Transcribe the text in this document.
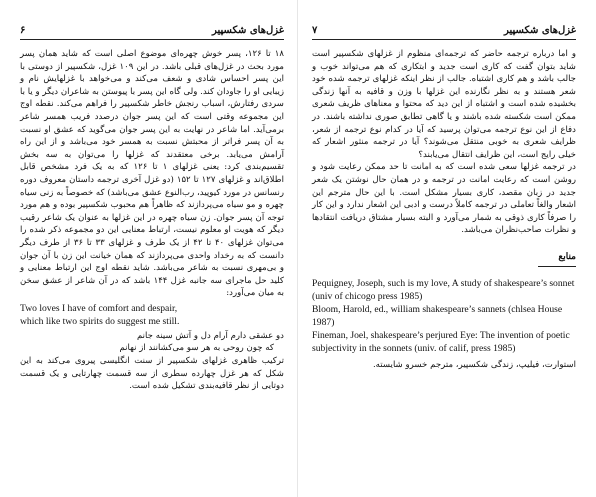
۶	غزل‌های شکسپیر

۱۸ تا ۱۲۶، پسر خوش چهره‌ای موضوع اصلی است که شاید همان پسر مورد بحث در غزل‌های قبلی باشد. در این ۱۰۹ غزل، شکسپیر از دوستی با این پسر احساس شادی و شعف می‌کند و می‌خواهد با غزلهایش نام و زیبایی او را جاودان کند. ولی گاه این پسر با پیوستن به شاعران دیگر و یا با سردی رفتارش، اسباب رنجش خاطر شکسپیر را فراهم می‌کند. نقطه اوج این مجموعه وقتی است که این پسر جوان درصدد فریب همسر شاعر برمی‌آید. اما شاعر در نهایت به این پسر جوان می‌گوید که عشق او نسبت به آن پسر فراتر از محبتش نسبت به همسر خود می‌باشد و از این راه آرامش می‌یابد. برخی معتقدند که غزلها را می‌توان به سه بخش تقسیم‌بندی کرد: یعنی غزلهای ۱ تا ۱۲۶ که به یک فرد مشخص قابل اطلاق‌اند و غزلهای ۱۲۷ تا ۱۵۲ (دو غزل آخری ترجمه داستان معروف دوره رنسانس در مورد کیوپید، رب‌النوع عشق می‌باشد) که خصوصاً به زنی سیاه چهره و مو سیاه می‌پردازند که ظاهراً هم محبوب شکسپیر بوده و هم مورد توجه آن پسر جوان. زن سیاه چهره در این غزلها به عنوان یک شاعر رقیب دیگر که هویت او معلوم نیست، ارتباط معنایی این دو مجموعه ذکر شده را می‌توان غزلهای ۴۰ تا ۴۲ از یک طرف و غزلهای ۳۳ تا ۳۶ از طرف دیگر دانست که به رخداد واحدی می‌پردازند که همان خیانت این زن با آن جوان و بی‌مهری نسبت به شاعر می‌باشد. شاید نقطه اوج این ارتباط معنایی و کلید حل ماجرای سه جانبه غزل ۱۴۴ باشد که در آن شاعر از عشق سخن به میان می‌آورد:

Two loves I have of comfort and despair,
which like two spirits do suggest me still.
دو عشقی دارم آرام دل و آتش سینه جانم
که چون روحی به هر سو می‌کشانند از نهانم

ترکیب ظاهری غزلهای شکسپیر از سنت انگلیسی پیروی می‌کند به این شکل که هر غزل چهارده سطری از سه قسمت چهارتایی و یک قسمت دوتایی از نظر قافیه‌بندی تشکیل شده است.

۷	غزل‌های شکسپیر

و اما درباره ترجمه حاضر که ترجمه‌ای منظوم از غزلهای شکسپیر است شاید بتوان گفت که کاری است جدید و ابتکاری که هم می‌تواند خوب و جالب باشد و هم کاری اشتباه. جالب از نظر اینکه غزلهای ترجمه شده خود شعر هستند و به نظر نگارنده این غزلها با وزن و قافیه به آنها زندگی بخشیده شده است و اشتباه از این دید که محتوا و معناهای ظریف شعری ممکن است شکسته شده باشند و یا گاهی تطابق صوری نداشته باشند. در دفاع از این نوع ترجمه می‌توان پرسید که آیا در کدام نوع ترجمه از شعر، ظرایف شعری به خوبی منتقل می‌شوند؟ آیا در ترجمه منثور اشعار که خیلی رایج است، این ظرایف انتقال می‌یابند؟

در ترجمه غزلها سعی شده است که به امانت تا حد ممکن رعایت شود و روشن است که رعایت امانت در ترجمه و در همان حال نوشتن یک شعر جدید در زبان مقصد، کاری بسیار مشکل است. با این حال مترجم این اشعار والغاً تعاملی در ترجمه کاملاً درست و ادبی این اشعار ندارد و این کار را صرفاً کاری ذوقی به شمار می‌آورد و البته بسیار مشتاق دریافت انتقادها و نظرات صاحب‌نظران می‌باشد.

منابع

Pequigney, Joseph, such is my love, A study of shakespeare’s sonnet (univ of chicogo press 1985)

Bloom, Harold, ed., william shakespeare’s sannets (chlsea House 1987)

Fineman, Joel, shakespeare’s perjured Eye: The invention of poetic subjectivity in the sonnets (univ. of calif, press 1985)

استوارت، فیلیپ، زندگی شکسپیر، مترجم خسرو شایسته.
